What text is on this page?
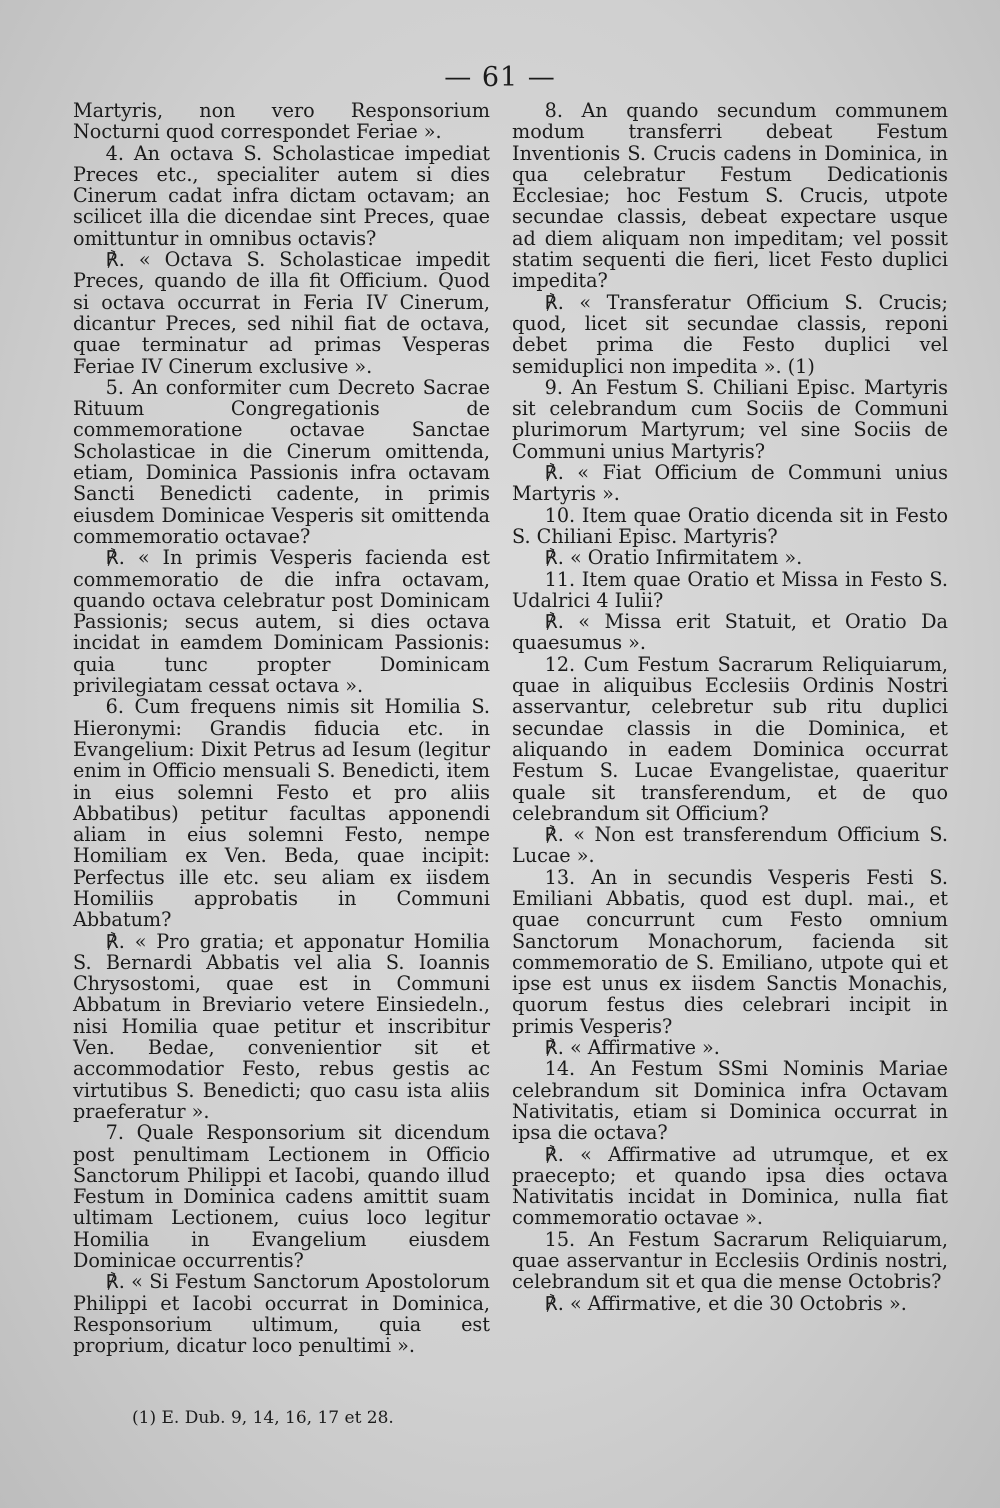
— 61 —

Martyris, non vero Responsorium Nocturni quod correspondet Feriae ».

4. An octava S. Scholasticae impediat Preces etc., specialiter autem si dies Cinerum cadat infra dictam octavam; an scilicet illa die dicendae sint Preces, quae omittuntur in omnibus octavis?

℟. « Octava S. Scholasticae impedit Preces, quando de illa fit Officium. Quod si octava occurrat in Feria IV Cinerum, dicantur Preces, sed nihil fiat de octava, quae terminatur ad primas Vesperas Feriae IV Cinerum exclusive ».

5. An conformiter cum Decreto Sacrae Rituum Congregationis de commemoratione octavae Sanctae Scholasticae in die Cinerum omittenda, etiam, Dominica Passionis infra octavam Sancti Benedicti cadente, in primis eiusdem Dominicae Vesperis sit omittenda commemoratio octavae?

℟. « In primis Vesperis facienda est commemoratio de die infra octavam, quando octava celebratur post Dominicam Passionis; secus autem, si dies octava incidat in eamdem Dominicam Passionis: quia tunc propter Dominicam privilegiatam cessat octava ».

6. Cum frequens nimis sit Homilia S. Hieronymi: Grandis fiducia etc. in Evangelium: Dixit Petrus ad Iesum (legitur enim in Officio mensuali S. Benedicti, item in eius solemni Festo et pro aliis Abbatibus) petitur facultas apponendi aliam in eius solemni Festo, nempe Homiliam ex Ven. Beda, quae incipit: Perfectus ille etc. seu aliam ex iisdem Homiliis approbatis in Communi Abbatum?

℟. « Pro gratia; et apponatur Homilia S. Bernardi Abbatis vel alia S. Ioannis Chrysostomi, quae est in Communi Abbatum in Breviario vetere Einsiedeln., nisi Homilia quae petitur et inscribitur Ven. Bedae, convenientior sit et accommodatior Festo, rebus gestis ac virtutibus S. Benedicti; quo casu ista aliis praeferatur ».

7. Quale Responsorium sit dicendum post penultimam Lectionem in Officio Sanctorum Philippi et Iacobi, quando illud Festum in Dominica cadens amittit suam ultimam Lectionem, cuius loco legitur Homilia in Evangelium eiusdem Dominicae occurrentis?

℟. « Si Festum Sanctorum Apostolorum Philippi et Iacobi occurrat in Dominica, Responsorium ultimum, quia est proprium, dicatur loco penultimi ».

8. An quando secundum communem modum transferri debeat Festum Inventionis S. Crucis cadens in Dominica, in qua celebratur Festum Dedicationis Ecclesiae; hoc Festum S. Crucis, utpote secundae classis, debeat expectare usque ad diem aliquam non impeditam; vel possit statim sequenti die fieri, licet Festo duplici impedita?

℟. « Transferatur Officium S. Crucis; quod, licet sit secundae classis, reponi debet prima die Festo duplici vel semiduplici non impedita ». (1)

9. An Festum S. Chiliani Episc. Martyris sit celebrandum cum Sociis de Communi plurimorum Martyrum; vel sine Sociis de Communi unius Martyris?

℟. « Fiat Officium de Communi unius Martyris ».

10. Item quae Oratio dicenda sit in Festo S. Chiliani Episc. Martyris?

℟. « Oratio Infirmitatem ».

11. Item quae Oratio et Missa in Festo S. Udalrici 4 Iulii?

℟. « Missa erit Statuit, et Oratio Da quaesumus ».

12. Cum Festum Sacrarum Reliquiarum, quae in aliquibus Ecclesiis Ordinis Nostri asservantur, celebretur sub ritu duplici secundae classis in die Dominica, et aliquando in eadem Dominica occurrat Festum S. Lucae Evangelistae, quaeritur quale sit transferendum, et de quo celebrandum sit Officium?

℟. « Non est transferendum Officium S. Lucae ».

13. An in secundis Vesperis Festi S. Emiliani Abbatis, quod est dupl. mai., et quae concurrunt cum Festo omnium Sanctorum Monachorum, facienda sit commemoratio de S. Emiliano, utpote qui et ipse est unus ex iisdem Sanctis Monachis, quorum festus dies celebrari incipit in primis Vesperis?

℟. « Affirmative ».

14. An Festum SSmi Nominis Mariae celebrandum sit Dominica infra Octavam Nativitatis, etiam si Dominica occurrat in ipsa die octava?

℟. « Affirmative ad utrumque, et ex praecepto; et quando ipsa dies octava Nativitatis incidat in Dominica, nulla fiat commemoratio octavae ».

15. An Festum Sacrarum Reliquiarum, quae asservantur in Ecclesiis Ordinis nostri, celebrandum sit et qua die mense Octobris?

℟. « Affirmative, et die 30 Octobris ».

(1) E. Dub. 9, 14, 16, 17 et 28.
